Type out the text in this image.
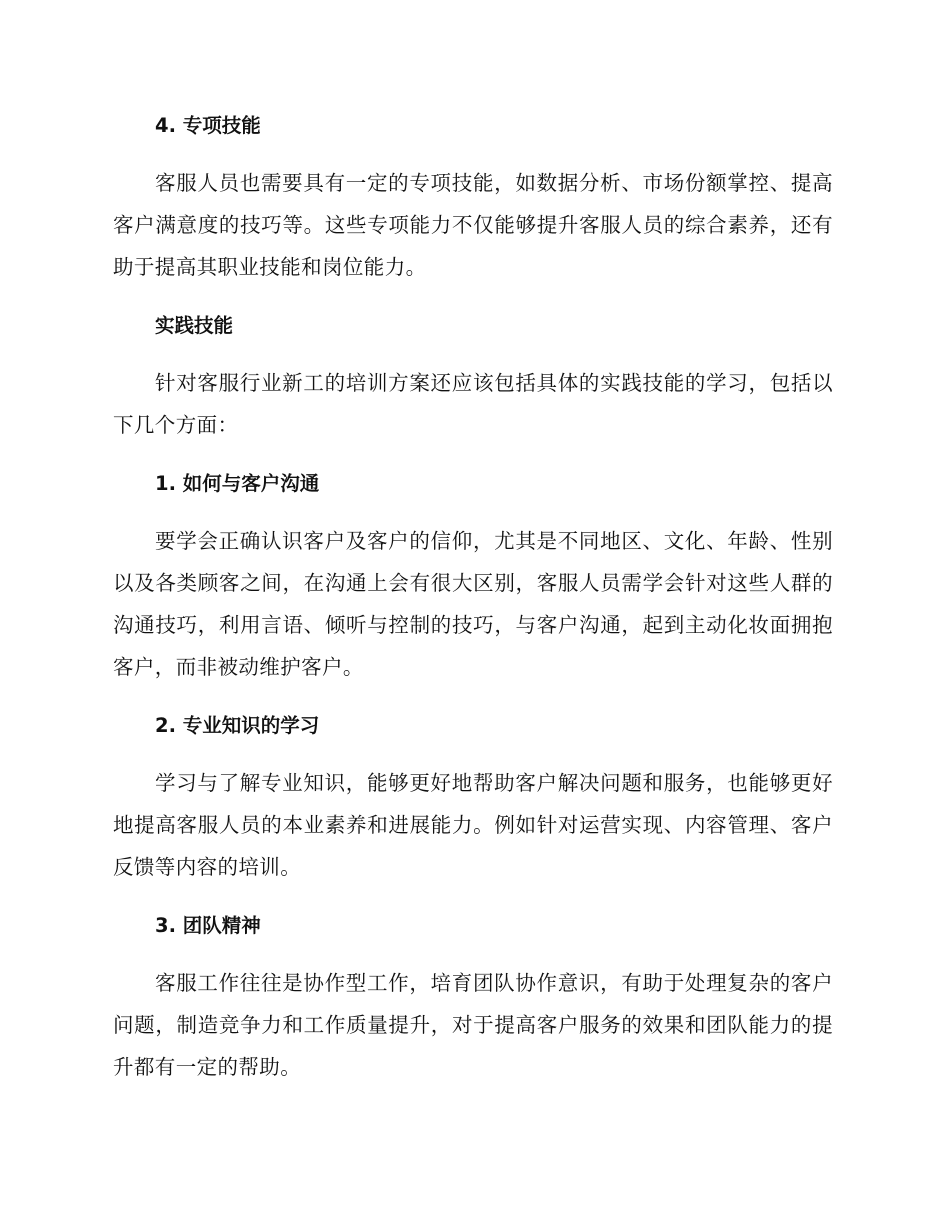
4. 专项技能

客服人员也需要具有一定的专项技能，如数据分析、市场份额掌控、提高客户满意度的技巧等。这些专项能力不仅能够提升客服人员的综合素养，还有助于提高其职业技能和岗位能力。

实践技能

针对客服行业新工的培训方案还应该包括具体的实践技能的学习，包括以下几个方面：

1. 如何与客户沟通

要学会正确认识客户及客户的信仰，尤其是不同地区、文化、年龄、性别以及各类顾客之间，在沟通上会有很大区别，客服人员需学会针对这些人群的沟通技巧，利用言语、倾听与控制的技巧，与客户沟通，起到主动化妆面拥抱客户，而非被动维护客户。

2. 专业知识的学习

学习与了解专业知识，能够更好地帮助客户解决问题和服务，也能够更好地提高客服人员的本业素养和进展能力。例如针对运营实现、内容管理、客户反馈等内容的培训。

3. 团队精神

客服工作往往是协作型工作，培育团队协作意识，有助于处理复杂的客户问题，制造竞争力和工作质量提升，对于提高客户服务的效果和团队能力的提升都有一定的帮助。
